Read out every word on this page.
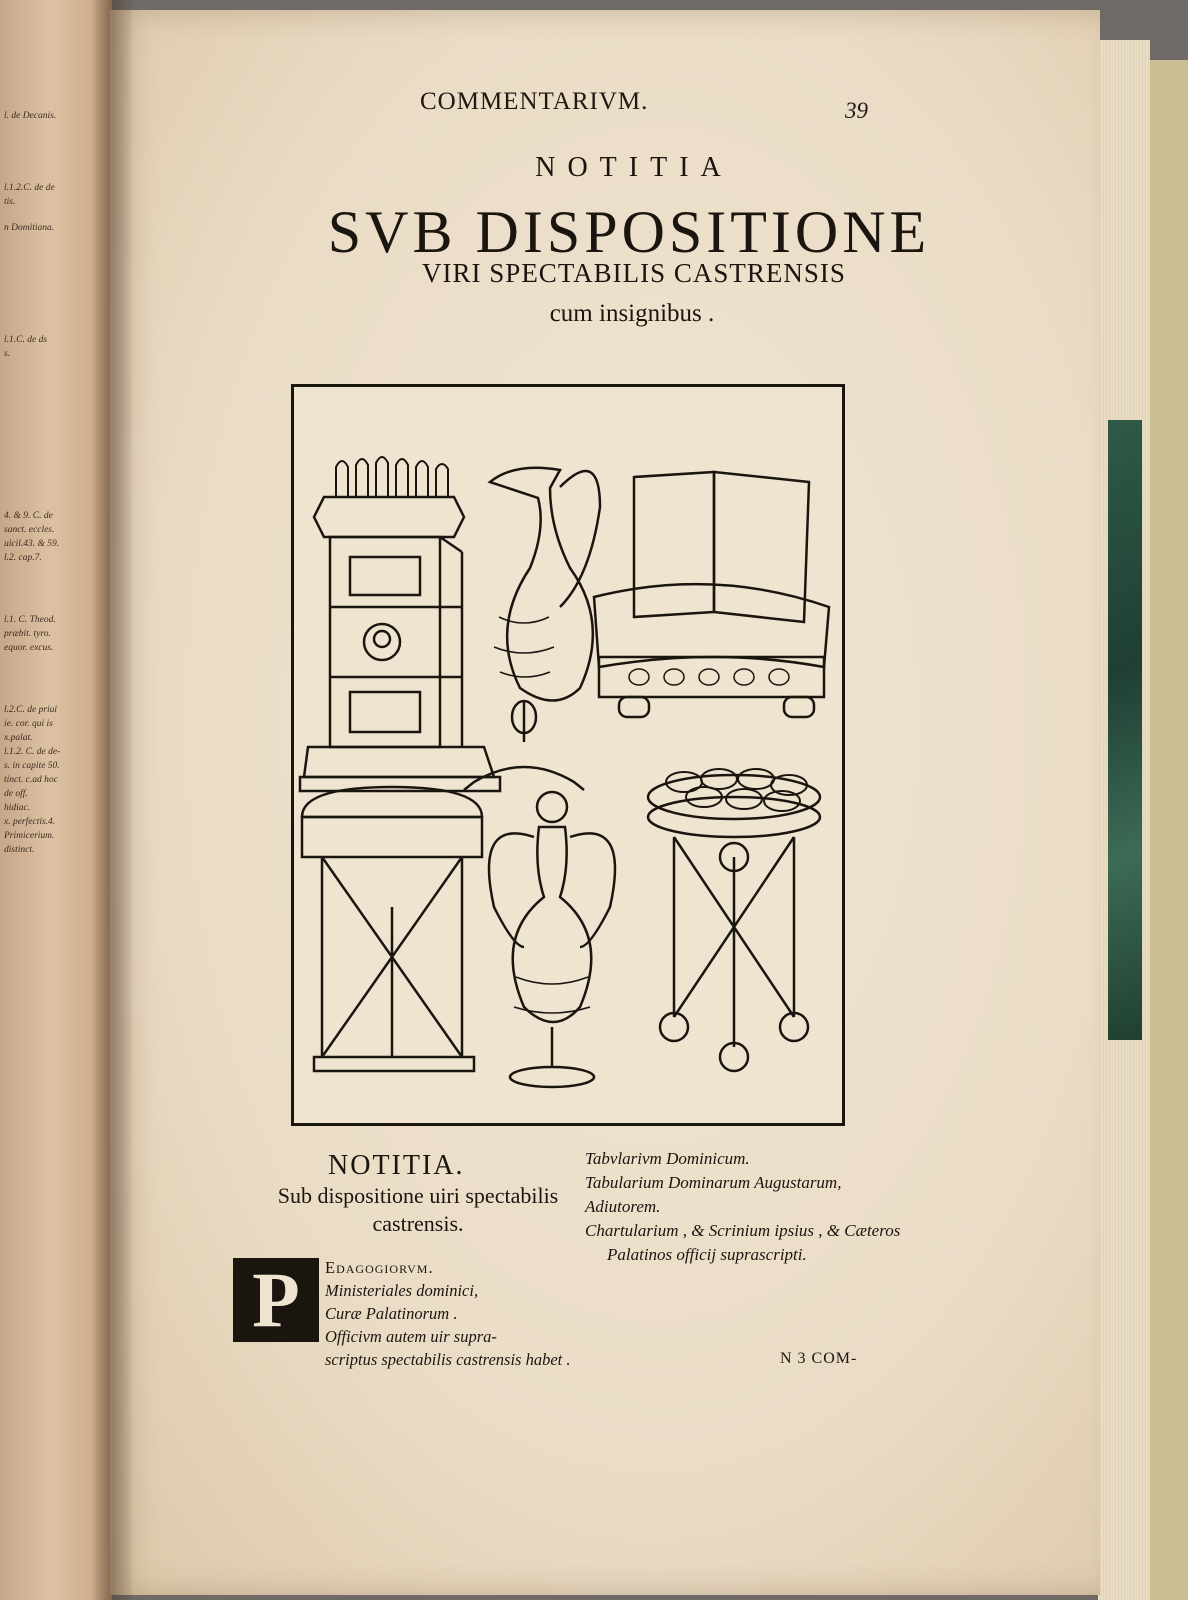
l. de Decanis.
l.1.2.C. de de
tis.
n Domitiana.
l.1.C. de ds
s.
4. & 9. C. de
sanct. eccles.
uicil.43. & 59.
l.2. cap.7.
l.1. C. Theod.
præbit. tyro.
equor. excus.
l.2.C. de priui
ie. cor. qui is
x.palat.
l.1.2. C. de de-
s. in capite 50.
tinct. c.ad hoc
de off.
hidiac.
x. perfectis.4.
Primicerium.
distinct.
COMMENTARIVM.	39
NOTITIA
SVB DISPOSITIONE
VIRI SPECTABILIS CASTRENSIS
cum insignibus .
NOTITIA.
Sub dispositione uiri spectabilis
castrensis.
Tabvlarivm Dominicum.
Tabularium Dominarum Augustarum,
Adiutorem.
Chartularium , & Scrinium ipsius , & Cæteros
Palatinos officij suprascripti.
P	Edagogiorvm.
Ministeriales dominici,
Curæ Palatinorum .
Officivm autem uir supra-
scriptus spectabilis castrensis habet .	N 3 COM-
